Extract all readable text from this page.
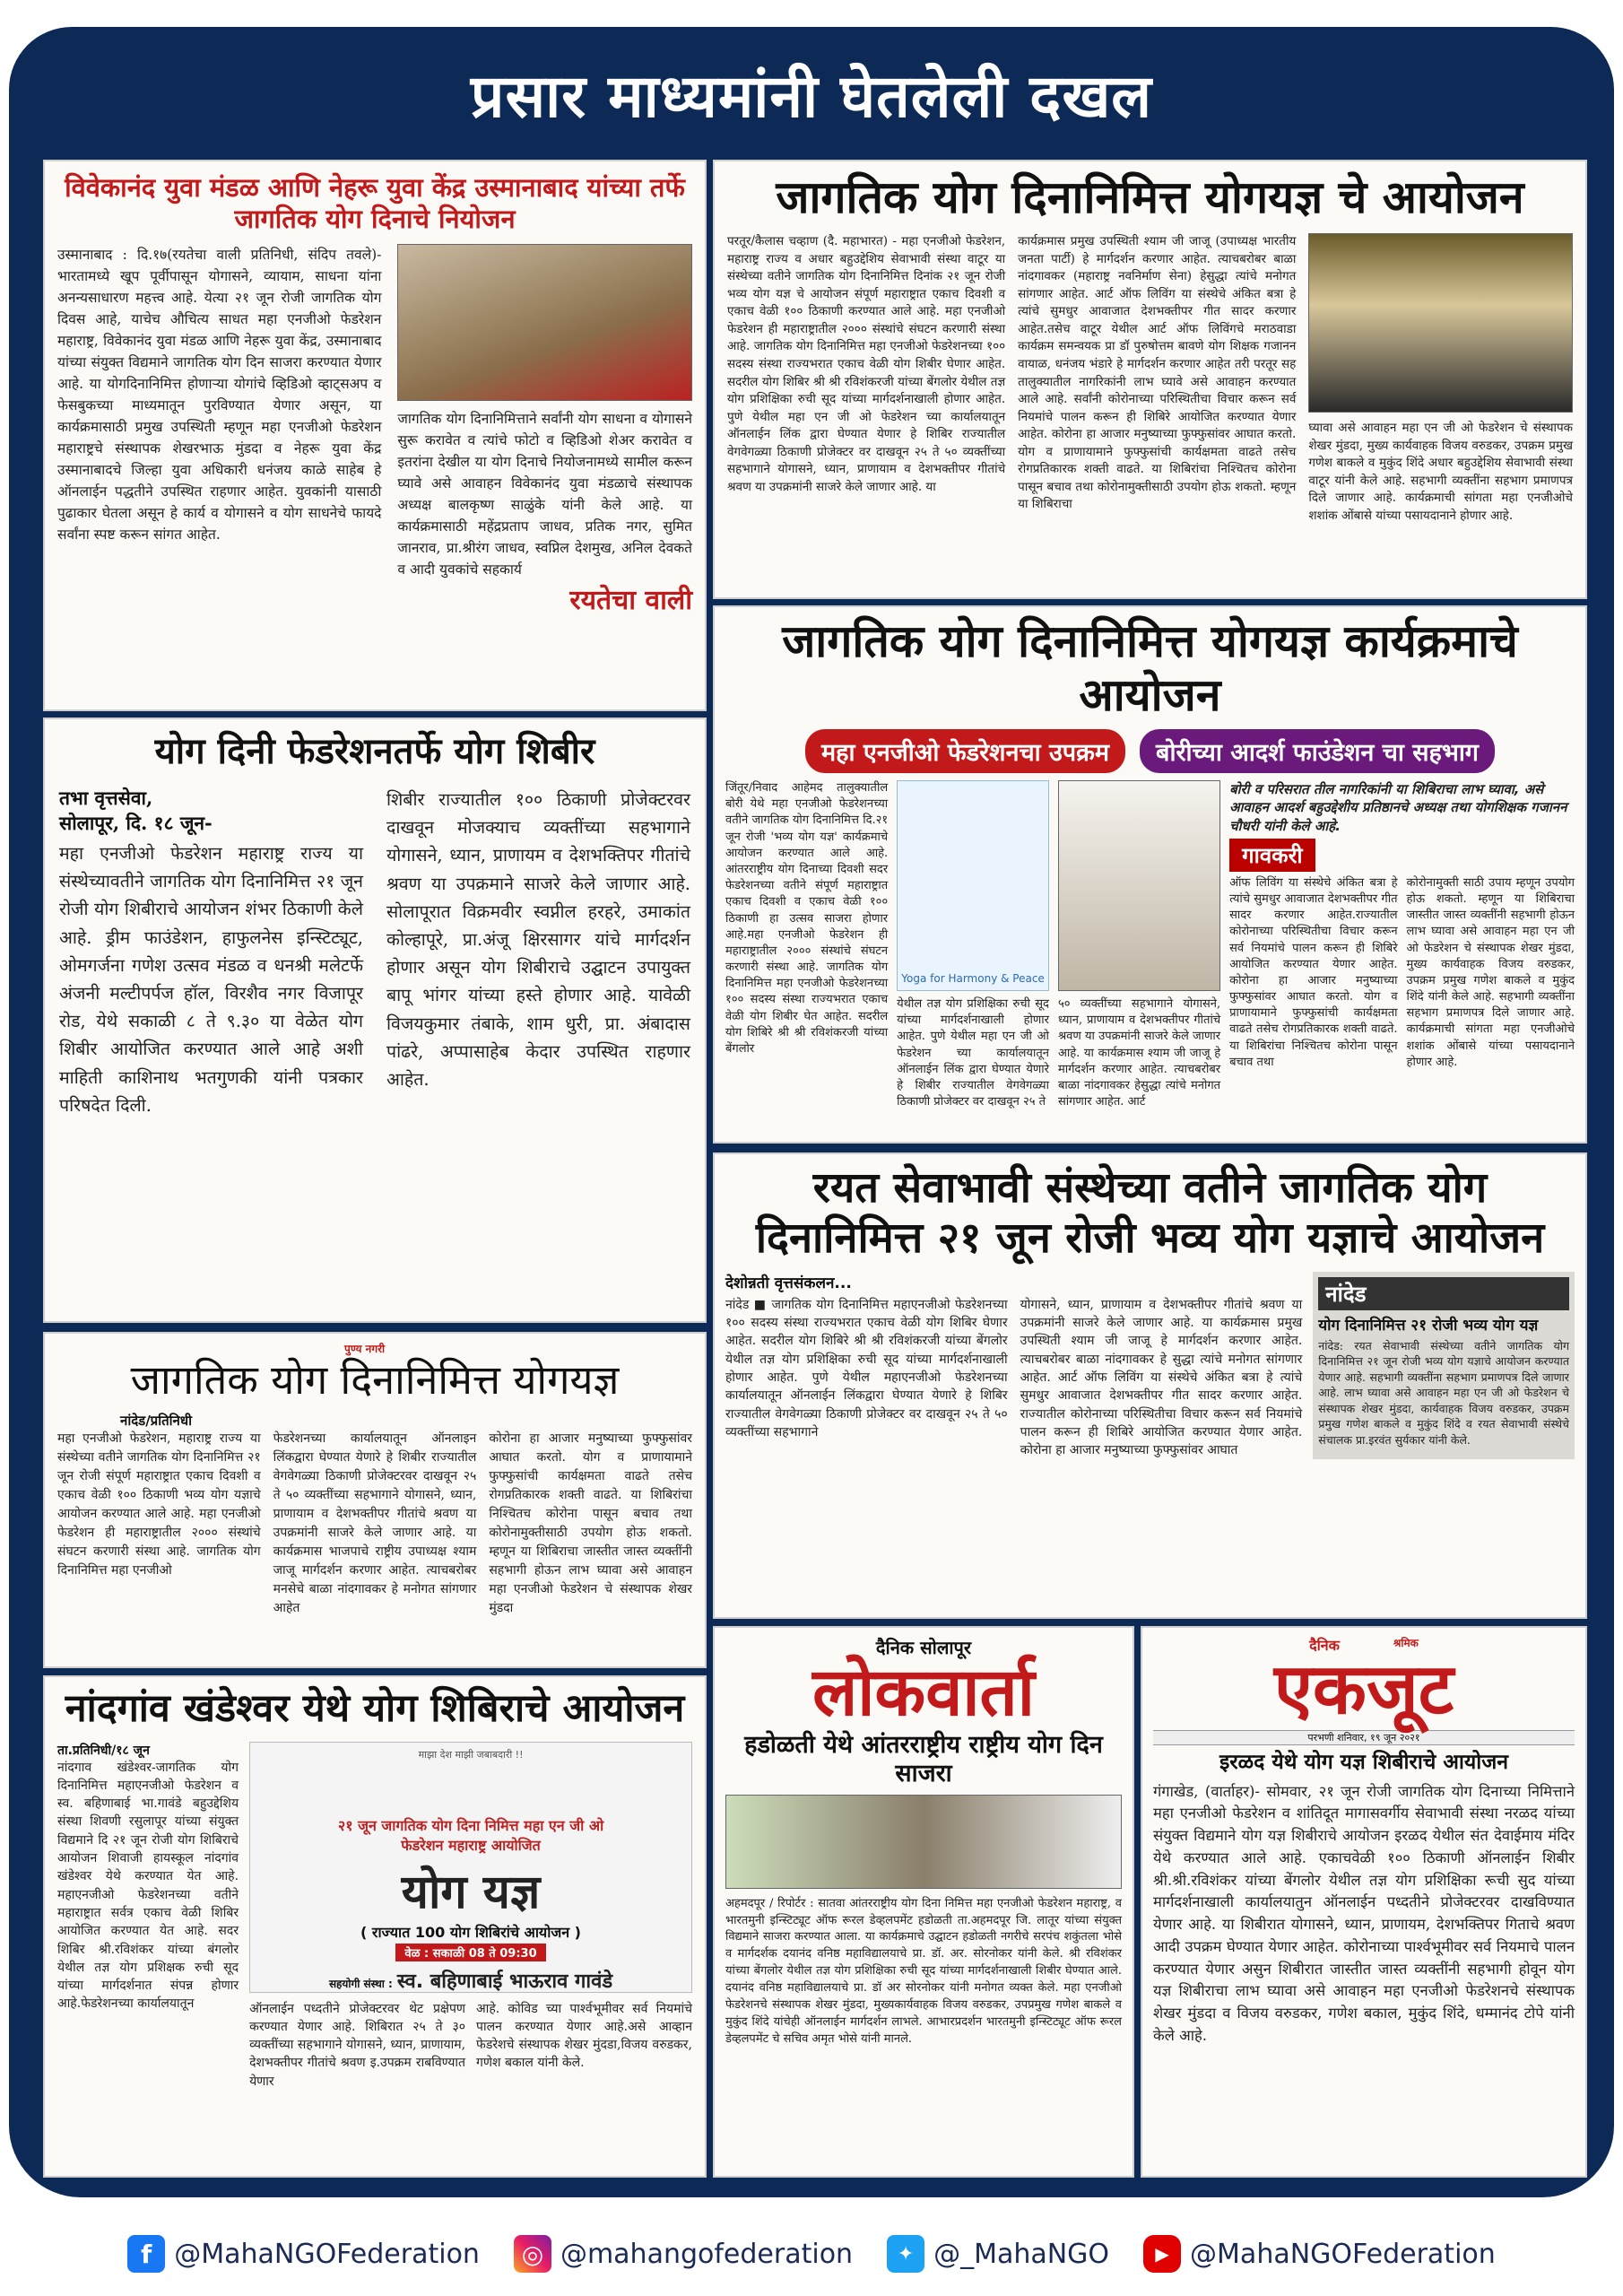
प्रसार माध्यमांनी घेतलेली दखल
विवेकानंद युवा मंडळ आणि नेहरू युवा केंद्र उस्मानाबाद यांच्या तर्फे जागतिक योग दिनाचे नियोजन
उस्मानाबाद : दि.१७(रयतेचा वाली प्रतिनिधी, संदिप तवले)- भारतामध्ये खूप पूर्वीपासून योगासने, व्यायाम, साधना यांना अनन्यसाधारण महत्त्व आहे. येत्या २१ जून रोजी जागतिक योग दिवस आहे, याचेच औचित्य साधत महा एनजीओ फेडरेशन महाराष्ट्र, विवेकानंद युवा मंडळ आणि नेहरू युवा केंद्र, उस्मानाबाद यांच्या संयुक्त विद्यमाने जागतिक योग दिन साजरा करण्यात येणार आहे. या योगदिनानिमित्त होणाऱ्या योगांचे व्हिडिओ व्हाट्सअप व फेसबुकच्या माध्यमातून पुरविण्यात येणार असून, या कार्यक्रमासाठी प्रमुख उपस्थिती म्हणून महा एनजीओ फेडरेशन महाराष्ट्रचे संस्थापक शेखरभाऊ मुंडदा व नेहरू युवा केंद्र उस्मानाबादचे जिल्हा युवा अधिकारी धनंजय काळे साहेब हे ऑनलाईन पद्धतीने उपस्थित राहणार आहेत. युवकांनी यासाठी पुढाकार घेतला असून हे कार्य व योगासने व योग साधनेचे फायदे सर्वांना स्पष्ट करून सांगत आहेत.
जागतिक योग दिनानिमित्ताने सर्वांनी योग साधना व योगासने सुरू करावेत व त्यांचे फोटो व व्हिडिओ शेअर करावेत व इतरांना देखील या योग दिनाचे नियोजनामध्ये सामील करून घ्यावे असे आवाहन विवेकानंद युवा मंडळाचे संस्थापक अध्यक्ष बालकृष्ण साळुंके यांनी केले आहे. या कार्यक्रमासाठी महेंद्रप्रताप जाधव, प्रतिक नगर, सुमित जानराव, प्रा.श्रीरंग जाधव, स्वप्निल देशमुख, अनिल देवकते व आदी युवकांचे सहकार्य
रयतेचा वाली
जागतिक योग दिनानिमित्त योगयज्ञ चे आयोजन
परतूर/कैलास चव्हाण (दै. महाभारत) - महा एनजीओ फेडरेशन, महाराष्ट्र राज्य व अधार बहुउद्देशिय सेवाभावी संस्था वाटूर या संस्थेच्या वतीने जागतिक योग दिनानिमित्त दिनांक २१ जून रोजी भव्य योग यज्ञ चे आयोजन संपूर्ण महाराष्ट्रात एकाच दिवशी व एकाच वेळी १०० ठिकाणी करण्यात आले आहे. महा एनजीओ फेडरेशन ही महाराष्ट्रातील २००० संस्थांचे संघटन करणारी संस्था आहे. जागतिक योग दिनानिमित्त महा एनजीओ फेडरेशनच्या १०० सदस्य संस्था राज्यभरात एकाच वेळी योग शिबीर घेणार आहेत. सदरील योग शिबिर श्री श्री रविशंकरजी यांच्या बेंगलोर येथील तज्ञ योग प्रशिक्षिका रुची सूद यांच्या मार्गदर्शनाखाली होणार आहेत. पुणे येथील महा एन जी ओ फेडरेशन च्या कार्यालयातून ऑनलाईन लिंक द्वारा घेण्यात येणार हे शिबिर राज्यातील वेगवेगळ्या ठिकाणी प्रोजेक्टर वर दाखवून २५ ते ५० व्यक्तींच्या सहभागाने योगासने, ध्यान, प्राणायाम व देशभक्तीपर गीतांचे श्रवण या उपक्रमांनी साजरे केले जाणार आहे. या
कार्यक्रमास प्रमुख उपस्थिती श्याम जी जाजू (उपाध्यक्ष भारतीय जनता पार्टी) हे मार्गदर्शन करणार आहेत. त्याचबरोबर बाळा नांदगावकर (महाराष्ट्र नवनिर्माण सेना) हेसुद्धा त्यांचे मनोगत सांगणार आहेत. आर्ट ऑफ लिविंग या संस्थेचे अंकित बत्रा हे त्यांचे सुमधुर आवाजात देशभक्तीपर गीत सादर करणार आहेत.तसेच वाटूर येथील आर्ट ऑफ लिविंगचे मराठवाडा कार्यक्रम समन्वयक प्रा डॉ पुरुषोत्तम बावणे योग शिक्षक गजानन वायाळ, धनंजय भंडारे हे मार्गदर्शन करणार आहेत तरी परतूर सह तालुक्यातील नागरिकांनी लाभ घ्यावे असे आवाहन करण्यात आले आहे. सर्वांनी कोरोनाच्या परिस्थितीचा विचार करून सर्व नियमांचे पालन करून ही शिबिरे आयोजित करण्यात येणार आहेत. कोरोना हा आजार मनुष्याच्या फुफ्फुसांवर आघात करतो. योग व प्राणायामाने फुफ्फुसांची कार्यक्षमता वाढते तसेच रोगप्रतिकारक शक्ती वाढते. या शिबिरांचा निश्चितच कोरोना पासून बचाव तथा कोरोनामुक्तीसाठी उपयोग होऊ शकतो. म्हणून या शिबिराचा
घ्यावा असे आवाहन महा एन जी ओ फेडरेशन चे संस्थापक शेखर मुंडदा, मुख्य कार्यवाहक विजय वरुडकर, उपक्रम प्रमुख गणेश बाकले व मुकुंद शिंदे अधार बहुउद्देशिय सेवाभावी संस्था वाटूर यांनी केले आहे. सहभागी व्यक्तींना सहभाग प्रमाणपत्र दिले जाणार आहे. कार्यक्रमाची सांगता महा एनजीओचे शशांक ओंबासे यांच्या पसायदानाने होणार आहे.
जागतिक योग दिनानिमित्त योगयज्ञ कार्यक्रमाचे आयोजन
महा एनजीओ फेडरेशनचा उपक्रम	बोरीच्या आदर्श फाउंडेशन चा सहभाग
जिंतूर/निवाद आहेमद तालुक्यातील बोरी येथे महा एनजीओ फेडरेशनच्या वतीने जागतिक योग दिनानिमित्त दि.२१ जून रोजी 'भव्य योग यज्ञ' कार्यक्रमाचे आयोजन करण्यात आले आहे. आंतरराष्ट्रीय योग दिनाच्या दिवशी सदर फेडरेशनच्या वतीने संपूर्ण महाराष्ट्रात एकाच दिवशी व एकाच वेळी १०० ठिकाणी हा उत्सव साजरा होणार आहे.महा एनजीओ फेडरेशन ही महाराष्ट्रातील २००० संस्थांचे संघटन करणारी संस्था आहे. जागतिक योग दिनानिमित्त महा एनजीओ फेडरेशनच्या १०० सदस्य संस्था राज्यभरात एकाच वेळी योग शिबीर घेत आहेत. सदरील योग शिबिरे श्री श्री रविशंकरजी यांच्या बेंगलोर
Yoga for Harmony & Peace
येथील तज्ञ योग प्रशिक्षिका रुची सूद यांच्या मार्गदर्शनाखाली होणार आहेत. पुणे येथील महा एन जी ओ फेडरेशन च्या कार्यालयातून ऑनलाईन लिंक द्वारा घेण्यात येणारे हे शिबीर राज्यातील वेगवेगळ्या ठिकाणी प्रोजेक्टर वर दाखवून २५ ते
५० व्यक्तींच्या सहभागाने योगासने, ध्यान, प्राणायाम व देशभक्तीपर गीतांचे श्रवण या उपक्रमांनी साजरे केले जाणार आहे. या कार्यक्रमास श्याम जी जाजू हे मार्गदर्शन करणार आहेत. त्याचबरोबर बाळा नांदगावकर हेसुद्धा त्यांचे मनोगत सांगणार आहेत. आर्ट
बोरी व परिसरात तील नागरिकांनी या शिबिराचा लाभ घ्यावा, असे आवाहन आदर्श बहुउद्देशीय प्रतिष्ठानचे अध्यक्ष तथा योगशिक्षक गजानन चौधरी यांनी केले आहे.
गावकरी
ऑफ लिविंग या संस्थेचे अंकित बत्रा हे त्यांचे सुमधुर आवाजात देशभक्तीपर गीत सादर करणार आहेत.राज्यातील कोरोनाच्या परिस्थितीचा विचार करून सर्व नियमांचे पालन करून ही शिबिरे आयोजित करण्यात येणार आहेत. कोरोना हा आजार मनुष्याच्या फुफ्फुसांवर आघात करतो. योग व प्राणायामाने फुफ्फुसांची कार्यक्षमता वाढते तसेच रोगप्रतिकारक शक्ती वाढते. या शिबिरांचा निश्चितच कोरोना पासून बचाव तथा
कोरोनामुक्ती साठी उपाय म्हणून उपयोग होऊ शकतो. म्हणून या शिबिराचा जास्तीत जास्त व्यक्तींनी सहभागी होऊन लाभ घ्यावा असे आवाहन महा एन जी ओ फेडरेशन चे संस्थापक शेखर मुंडदा, मुख्य कार्यवाहक विजय वरुडकर, उपक्रम प्रमुख गणेश बाकले व मुकुंद शिंदे यांनी केले आहे. सहभागी व्यक्तींना सहभाग प्रमाणपत्र दिले जाणार आहे. कार्यक्रमाची सांगता महा एनजीओचे शशांक ओंबासे यांच्या पसायदानाने होणार आहे.
योग दिनी फेडरेशनतर्फे योग शिबीर
तभा वृत्तसेवा,
सोलापूर, दि. १८ जून-
महा एनजीओ फेडरेशन महाराष्ट्र राज्य या संस्थेच्यावतीने जागतिक योग दिनानिमित्त २१ जून रोजी योग शिबीराचे आयोजन शंभर ठिकाणी केले आहे. ड्रीम फाउंडेशन, हाफुलनेस इन्स्टिट्यूट, ओमगर्जना गणेश उत्सव मंडळ व धनश्री मलेटर्फे अंजनी मल्टीपर्पज हॉल, विरशैव नगर विजापूर रोड, येथे सकाळी ८ ते ९.३० या वेळेत योग शिबीर आयोजित करण्यात आले आहे अशी माहिती काशिनाथ भतगुणकी यांनी पत्रकार परिषदेत दिली.
शिबीर राज्यातील १०० ठिकाणी प्रोजेक्टरवर दाखवून मोजक्याच व्यक्तींच्या सहभागाने योगासने, ध्यान, प्राणायम व देशभक्तिपर गीतांचे श्रवण या उपक्रमाने साजरे केले जाणार आहे. सोलापूरात विक्रमवीर स्वप्नील हरहरे, उमाकांत कोल्हापूरे, प्रा.अंजू क्षिरसागर यांचे मार्गदर्शन होणार असून योग शिबीराचे उद्घाटन उपायुक्त बापू भांगर यांच्या हस्ते होणार आहे. यावेळी विजयकुमार तंबाके, शाम धुरी, प्रा. अंबादास पांढरे, अप्पासाहेब केदार उपस्थित राहणार आहेत.
रयत सेवाभावी संस्थेच्या वतीने जागतिक योग दिनानिमित्त २१ जून रोजी भव्य योग यज्ञाचे आयोजन
देशोन्नती वृत्तसंकलन...
नांदेड ■ जागतिक योग दिनानिमित्त महाएनजीओ फेडरेशनच्या १०० सदस्य संस्था राज्यभरात एकाच वेळी योग शिबिर घेणार आहेत. सदरील योग शिबिरे श्री श्री रविशंकरजी यांच्या बेंगलोर येथील तज्ञ योग प्रशिक्षिका रुची सूद यांच्या मार्गदर्शनाखाली होणार आहेत. पुणे येथील महाएनजीओ फेडरेशनच्या कार्यालयातून ऑनलाईन लिंकद्वारा घेण्यात येणारे हे शिबिर राज्यातील वेगवेगळ्या ठिकाणी प्रोजेक्टर वर दाखवून २५ ते ५० व्यक्तींच्या सहभागाने
योगासने, ध्यान, प्राणायाम व देशभक्तीपर गीतांचे श्रवण या उपक्रमांनी साजरे केले जाणार आहे. या कार्यक्रमास प्रमुख उपस्थिती श्याम जी जाजू हे मार्गदर्शन करणार आहेत. त्याचबरोबर बाळा नांदगावकर हे सुद्धा त्यांचे मनोगत सांगणार आहेत. आर्ट ऑफ लिविंग या संस्थेचे अंकित बत्रा हे त्यांचे सुमधुर आवाजात देशभक्तीपर गीत सादर करणार आहेत. राज्यातील कोरोनाच्या परिस्थितीचा विचार करून सर्व नियमांचे पालन करून ही शिबिरे आयोजित करण्यात येणार आहेत. कोरोना हा आजार मनुष्याच्या फुफ्फुसांवर आघात
नांदेड
योग दिनानिमित्त २१ रोजी भव्य योग यज्ञ
नांदेड: रयत सेवाभावी संस्थेच्या वतीने जागतिक योग दिनानिमित्त २१ जून रोजी भव्य योग यज्ञाचे आयोजन करण्यात येणार आहे. सहभागी व्यक्तींना सहभाग प्रमाणपत्र दिले जाणार आहे. लाभ घ्यावा असे आवाहन महा एन जी ओ फेडरेशन चे संस्थापक शेखर मुंडदा, कार्यवाहक विजय वरुडकर, उपक्रम प्रमुख गणेश बाकले व मुकुंद शिंदे व रयत सेवाभावी संस्थेचे संचालक प्रा.इरवंत सुर्यकार यांनी केले.
पुण्य नगरी
जागतिक योग दिनानिमित्त योगयज्ञ
नांदेड/प्रतिनिधी
महा एनजीओ फेडरेशन, महाराष्ट्र राज्य या संस्थेच्या वतीने जागतिक योग दिनानिमित्त २१ जून रोजी संपूर्ण महाराष्ट्रात एकाच दिवशी व एकाच वेळी १०० ठिकाणी भव्य योग यज्ञाचे आयोजन करण्यात आले आहे. महा एनजीओ फेडरेशन ही महाराष्ट्रातील २००० संस्थांचे संघटन करणारी संस्था आहे. जागतिक योग दिनानिमित्त महा एनजीओ
फेडरेशनच्या कार्यालयातून ऑनलाइन लिंकद्वारा घेण्यात येणारे हे शिबीर राज्यातील वेगवेगळ्या ठिकाणी प्रोजेक्टरवर दाखवून २५ ते ५० व्यक्तींच्या सहभागाने योगासने, ध्यान, प्राणायाम व देशभक्तीपर गीतांचे श्रवण या उपक्रमांनी साजरे केले जाणार आहे. या कार्यक्रमास भाजपाचे राष्ट्रीय उपाध्यक्ष श्याम जाजू मार्गदर्शन करणार आहेत. त्याचबरोबर मनसेचे बाळा नांदगावकर हे मनोगत सांगणार आहेत
कोरोना हा आजार मनुष्याच्या फुफ्फुसांवर आघात करतो. योग व प्राणायामाने फुफ्फुसांची कार्यक्षमता वाढते तसेच रोगप्रतिकारक शक्ती वाढते. या शिबिरांचा निश्चितच कोरोना पासून बचाव तथा कोरोनामुक्तीसाठी उपयोग होऊ शकतो. म्हणून या शिबिराचा जास्तीत जास्त व्यक्तींनी सहभागी होऊन लाभ घ्यावा असे आवाहन महा एनजीओ फेडरेशन चे संस्थापक शेखर मुंडदा
नांदगांव खंडेश्वर येथे योग शिबिराचे आयोजन
ता.प्रतिनिधी/१८ जून
नांदगाव खंडेश्वर-जागतिक योग दिनानिमित्त महाएनजीओ फेडरेशन व स्व. बहिणाबाई भा.गावंडे बहुउद्देशिय संस्था शिवणी रसुलापूर यांच्या संयुक्त विद्यमाने दि २१ जून रोजी योग शिबिराचे आयोजन शिवाजी हायस्कूल नांदगांव खंडेश्वर येथे करण्यात येत आहे. महाएनजीओ फेडरेशनच्या वतीने महाराष्ट्रात सर्वत्र एकाच वेळी शिबिर आयोजित करण्यात येत आहे. सदर शिबिर श्री.रविशंकर यांच्या बंगलोर येथील तज्ञ योग प्रशिक्षक रुची सूद यांच्या मार्गदर्शनात संपन्न होणार आहे.फेडरेशनच्या कार्यालयातून
माझा देश माझी जबाबदारी !!
२१ जून जागतिक योग दिना निमित्त महा एन जी ओ फेडरेशन महाराष्ट्र आयोजित
योग यज्ञ
( राज्यात 100 योग शिबिरांचे आयोजन )
वेळ : सकाळी 08 ते 09:30
सहयोगी संस्था : स्व. बहिणाबाई भाऊराव गावंडे
ऑनलाईन पध्दतीने प्रोजेक्टरवर थेट प्रक्षेपण करण्यात येणार आहे. शिबिरात २५ ते ३० व्यक्तींच्या सहभागाने योगासने, ध्यान, प्राणायाम, देशभक्तीपर गीतांचे श्रवण इ.उपक्रम राबविण्यात येणार
आहे. कोविड च्या पार्श्वभूमीवर सर्व नियमांचे पालन करण्यात येणार आहे.असे आव्हान फेडरेशचे संस्थापक शेखर मुंदडा,विजय वरुडकर, गणेश बकाल यांनी केले.
दैनिक सोलापूर
लोकवार्ता
हडोळती येथे आंतरराष्ट्रीय राष्ट्रीय योग दिन साजरा
अहमदपूर / रिपोर्टर : सातवा आंतरराष्ट्रीय योग दिना निमित्त महा एनजीओ फेडरेशन महाराष्ट्र, व भारतमुनी इन्स्टिट्यूट ऑफ रूरल डेव्हलपमेंट हडोळती ता.अहमदपूर जि. लातूर यांच्या संयुक्त विद्यमाने साजरा करण्यात आला. या कार्यक्रमाचे उद्घाटन हडोळती नगरीचे सरपंच शकुंतला भोसे व मार्गदर्शक दयानंद वनिष्ठ महाविद्यालयाचे प्रा. डॉ. अर. सोरनोकर यांनी केले. श्री रविशंकर यांच्या बेंगलोर येथील तज्ञ योग प्रशिक्षिका रुची सूद यांच्या मार्गदर्शनाखाली शिबीर घेण्यात आले. दयानंद वनिष्ठ महाविद्यालयाचे प्रा. डॉ अर सोरनोकर यांनी मनोगत व्यक्त केले. महा एनजीओ फेडरेशनचे संस्थापक शेखर मुंडदा, मुख्यकार्यवाहक विजय वरुडकर, उपप्रमुख गणेश बाकले व मुकुंद शिंदे यांचेही ऑनलाईन मार्गदर्शन लाभले. आभारप्रदर्शन भारतमुनी इन्स्टिट्यूट ऑफ रूरल डेव्हलपमेंट चे सचिव अमृत भोसे यांनी मानले.
दैनिक	श्रमिक
एकजूट
परभणी शनिवार, १९ जून २०२१
इरळद येथे योग यज्ञ शिबीराचे आयोजन
गंगाखेड, (वार्ताहर)- सोमवार, २१ जून रोजी जागतिक योग दिनाच्या निमित्ताने महा एनजीओ फेडरेशन व शांतिदूत मागासवर्गीय सेवाभावी संस्था नरळद यांच्या संयुक्त विद्यमाने योग यज्ञ शिबीराचे आयोजन इरळद येथील संत देवाईमाय मंदिर येथे करण्यात आले आहे. एकाचवेळी १०० ठिकाणी ऑनलाईन शिबीर श्री.श्री.रविशंकर यांच्या बेंगलोर येथील तज्ञ योग प्रशिक्षिका रूची सुद यांच्या मार्गदर्शनाखाली कार्यालयातुन ऑनलाईन पध्दतीने प्रोजेक्टरवर दाखविण्यात येणार आहे. या शिबीरात योगासने, ध्यान, प्राणायम, देशभक्तिपर गिताचे श्रवण आदी उपक्रम घेण्यात येणार आहेत. कोरोनाच्या पार्श्वभूमीवर सर्व नियमाचे पालन करण्यात येणार असुन शिबीरात जास्तीत जास्त व्यक्तींनी सहभागी होवून योग यज्ञ शिबीराचा लाभ घ्यावा असे आवाहन महा एनजीओ फेडरेशनचे संस्थापक शेखर मुंडदा व विजय वरुडकर, गणेश बकाल, मुकुंद शिंदे, धम्मानंद टोपे यांनी केले आहे.
f @MahaNGOFederation	◎ @mahangofederation	✦ @_MahaNGO	▶ @MahaNGOFederation
